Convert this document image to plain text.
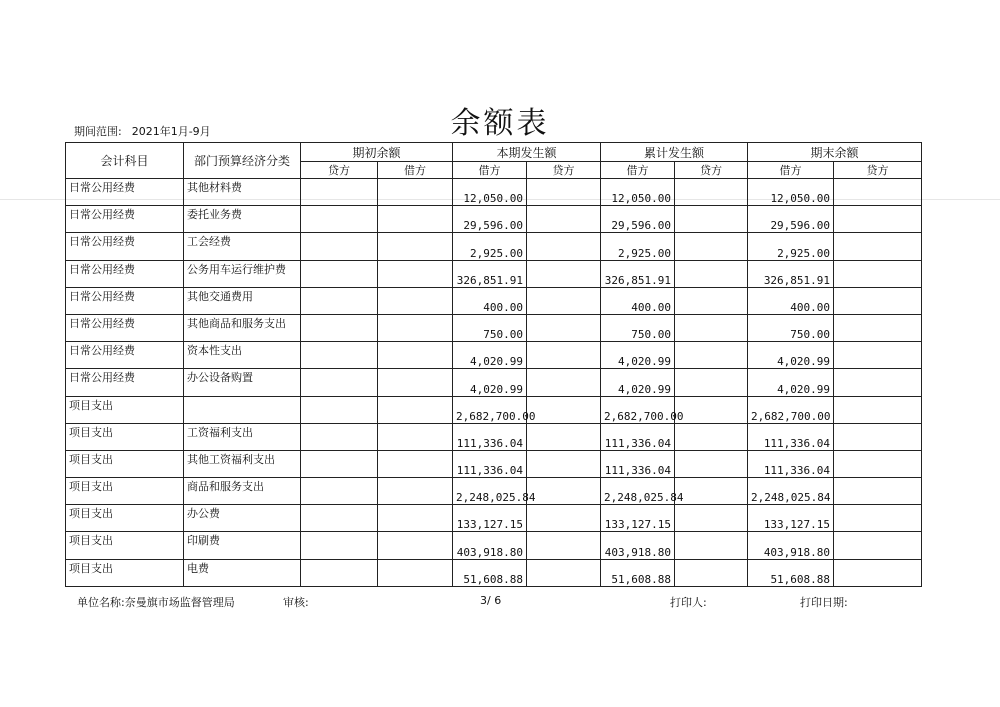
余额表
期间范围: 2021年1月-9月
会计科目	部门预算经济分类	期初余额		本期发生额		累计发生额		期末余额	
		贷方	借方	借方	贷方	借方	贷方	借方	贷方
日常公用经费	其他材料费			12,050.00		12,050.00		12,050.00	
日常公用经费	委托业务费			29,596.00		29,596.00		29,596.00	
日常公用经费	工会经费			2,925.00		2,925.00		2,925.00	
日常公用经费	公务用车运行维护费			326,851.91		326,851.91		326,851.91	
日常公用经费	其他交通费用			400.00		400.00		400.00	
日常公用经费	其他商品和服务支出			750.00		750.00		750.00	
日常公用经费	资本性支出			4,020.99		4,020.99		4,020.99	
日常公用经费	办公设备购置			4,020.99		4,020.99		4,020.99	
项目支出				2,682,700.00		2,682,700.00		2,682,700.00	
项目支出	工资福利支出			111,336.04		111,336.04		111,336.04	
项目支出	其他工资福利支出			111,336.04		111,336.04		111,336.04	
项目支出	商品和服务支出			2,248,025.84		2,248,025.84		2,248,025.84	
项目支出	办公费			133,127.15		133,127.15		133,127.15	
项目支出	印刷费			403,918.80		403,918.80		403,918.80	
项目支出	电费			51,608.88		51,608.88		51,608.88	
单位名称:奈曼旗市场监督管理局	审核:	3/ 6	打印人:	打印日期:
